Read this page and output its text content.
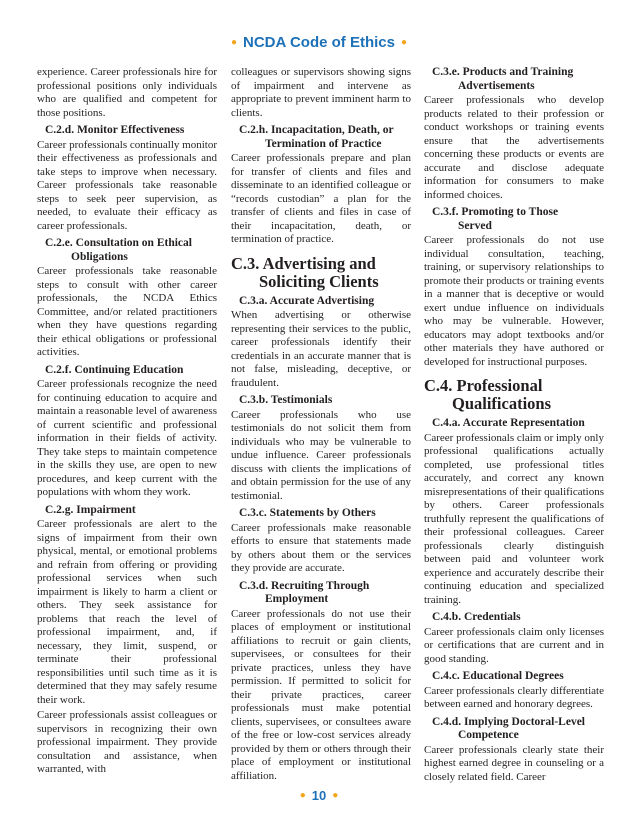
● NCDA Code of Ethics ●

experience. Career professionals hire for professional positions only individuals who are qualified and competent for those positions.

C.2.d. Monitor Effectiveness

Career professionals continually monitor their effectiveness as professionals and take steps to improve when necessary. Career professionals take reasonable steps to seek peer supervision, as needed, to evaluate their efficacy as career professionals.

C.2.e. Consultation on Ethical
Obligations

Career professionals take reasonable steps to consult with other career professionals, the NCDA Ethics Committee, and/or related practitioners when they have questions regarding their ethical obligations or professional activities.

C.2.f. Continuing Education

Career professionals recognize the need for continuing education to acquire and maintain a reasonable level of awareness of current scientific and professional information in their fields of activity. They take steps to maintain competence in the skills they use, are open to new procedures, and keep current with the populations with whom they work.

C.2.g. Impairment

Career professionals are alert to the signs of impairment from their own physical, mental, or emotional problems and refrain from offering or providing professional services when such impairment is likely to harm a client or others. They seek assistance for problems that reach the level of professional impairment, and, if necessary, they limit, suspend, or terminate their professional responsibilities until such time as it is determined that they may safely resume their work.

Career professionals assist colleagues or supervisors in recognizing their own professional impairment. They provide consultation and assistance, when warranted, with

colleagues or supervisors showing signs of impairment and intervene as appropriate to prevent imminent harm to clients.

C.2.h. Incapacitation, Death, or
Termination of Practice

Career professionals prepare and plan for transfer of clients and files and disseminate to an identified colleague or “records custodian” a plan for the transfer of clients and files in case of their incapacitation, death, or termination of practice.

C.3. Advertising and
Soliciting Clients
C.3.a. Accurate Advertising

When advertising or otherwise representing their services to the public, career professionals identify their credentials in an accurate manner that is not false, misleading, deceptive, or fraudulent.

C.3.b. Testimonials

Career professionals who use testimonials do not solicit them from individuals who may be vulnerable to undue influence. Career professionals discuss with clients the implications of and obtain permission for the use of any testimonial.

C.3.c. Statements by Others

Career professionals make reasonable efforts to ensure that statements made by others about them or the services they provide are accurate.

C.3.d. Recruiting Through
Employment

Career professionals do not use their places of employment or institutional affiliations to recruit or gain clients, supervisees, or consultees for their private practices, unless they have permission. If permitted to solicit for their private practices, career professionals must make potential clients, supervisees, or consultees aware of the free or low-cost services already provided by them or others through their place of employment or institutional affiliation.

C.3.e. Products and Training
Advertisements

Career professionals who develop products related to their profession or conduct workshops or training events ensure that the advertisements concerning these products or events are accurate and disclose adequate information for consumers to make informed choices.

C.3.f. Promoting to Those
Served

Career professionals do not use individual consultation, teaching, training, or supervisory relationships to promote their products or training events in a manner that is deceptive or would exert undue influence on individuals who may be vulnerable. However, educators may adopt textbooks and/or other materials they have authored or developed for instructional purposes.

C.4. Professional
Qualifications
C.4.a. Accurate Representation

Career professionals claim or imply only professional qualifications actually completed, use professional titles accurately, and correct any known misrepresentations of their qualifications by others. Career professionals truthfully represent the qualifications of their professional colleagues. Career professionals clearly distinguish between paid and volunteer work experience and accurately describe their continuing education and specialized training.

C.4.b. Credentials

Career professionals claim only licenses or certifications that are current and in good standing.

C.4.c. Educational Degrees

Career professionals clearly differentiate between earned and honorary degrees.

C.4.d. Implying Doctoral-Level
Competence

Career professionals clearly state their highest earned degree in counseling or a closely related field. Career

● 10 ●
